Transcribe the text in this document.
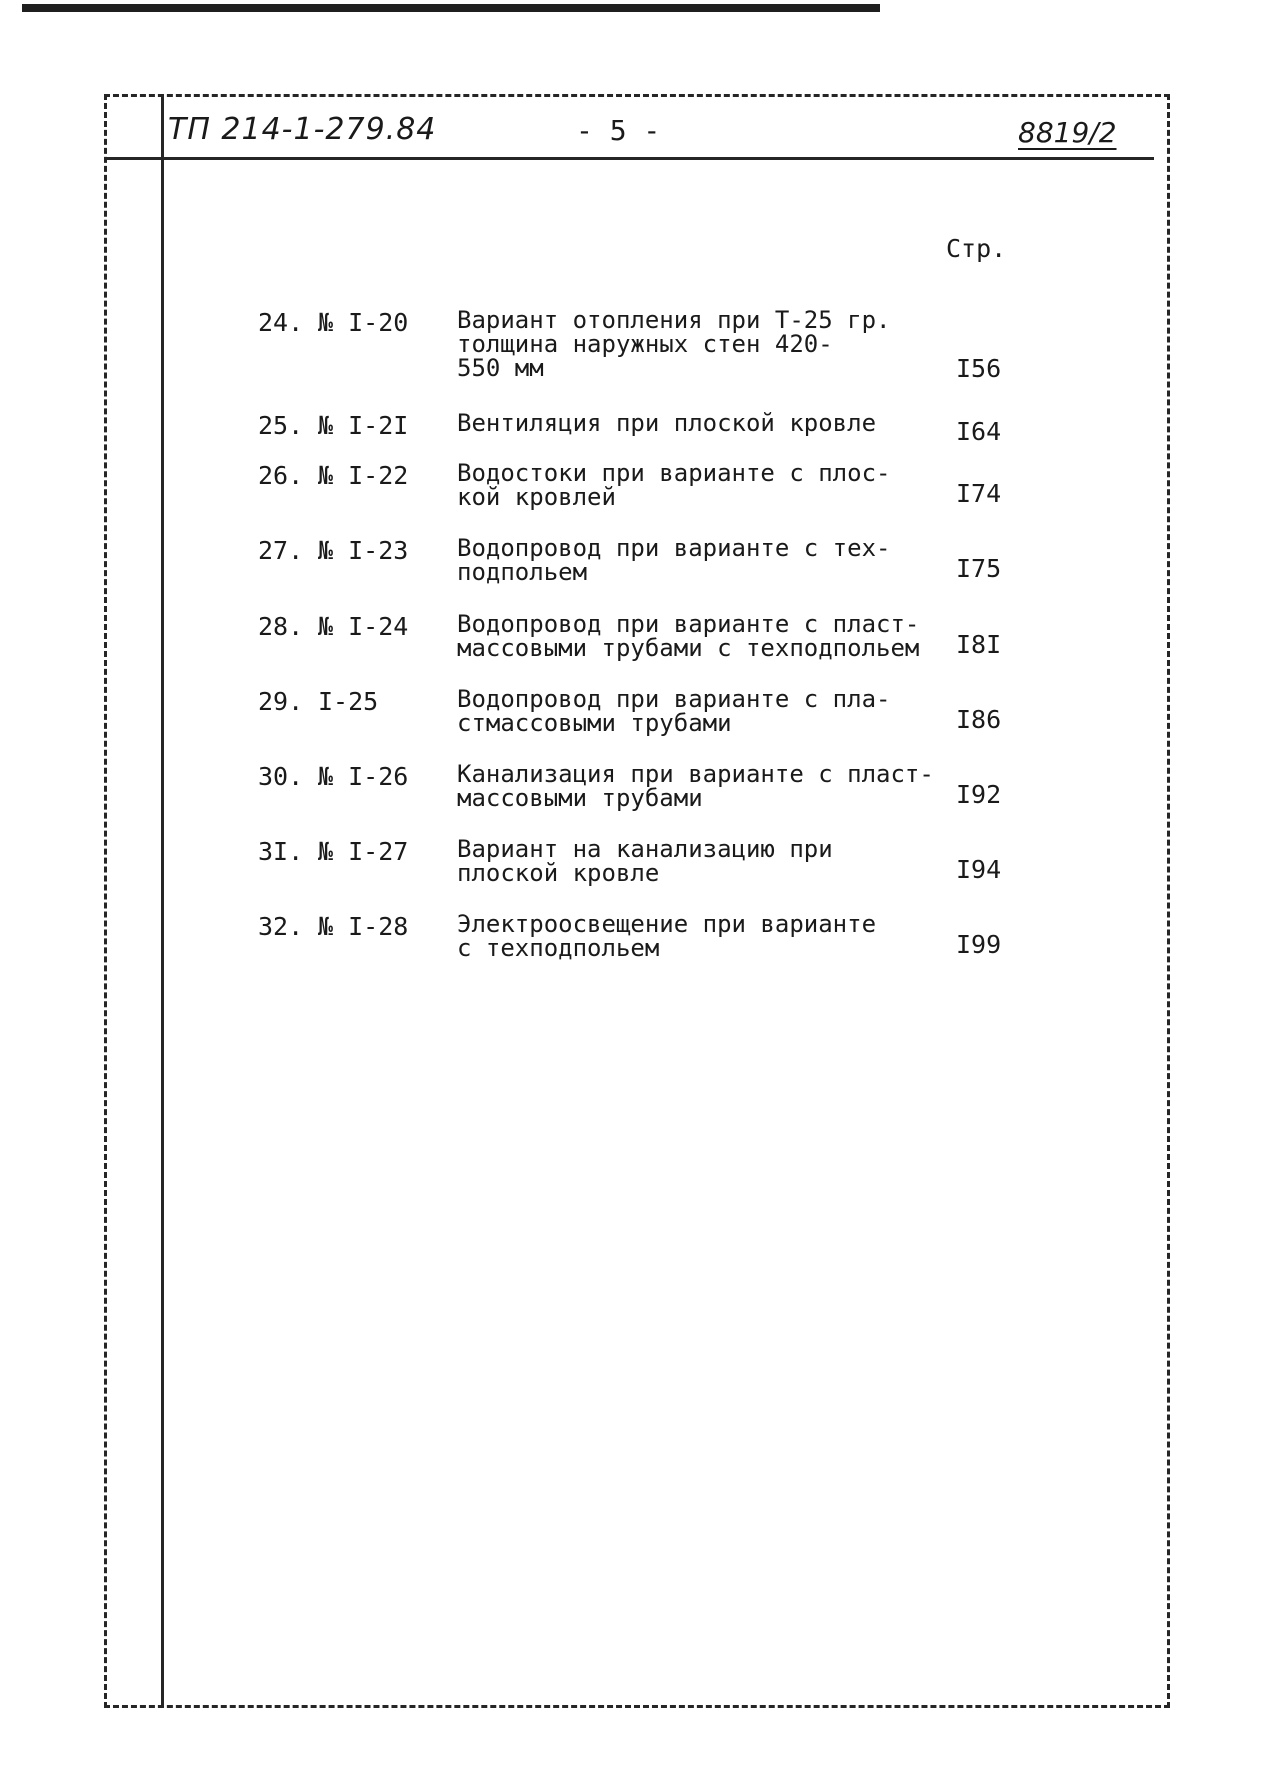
ТП 214-1-279.84	- 5 -	8819/2
Стр.
24. № I-20 Вариант отопления при Т-25 гр.
толщина наружных стен 420-
550 мм	I56
25. № I-2I Вентиляция при плоской кровле	I64
26. № I-22 Водостоки при варианте с плос-
кой кровлей	I74
27. № I-23 Водопровод при варианте с тех-
подпольем	I75
28. № I-24 Водопровод при варианте с пласт-
массовыми трубами с техподпольем	I8I
29. I-25	Водопровод при варианте с пла-
стмассовыми трубами	I86
30. № I-26 Канализация при варианте с пласт-
массовыми трубами	I92
3I. № I-27 Вариант на канализацию при
плоской кровле	I94
32. № I-28 Электроосвещение при варианте
с техподпольем	I99
